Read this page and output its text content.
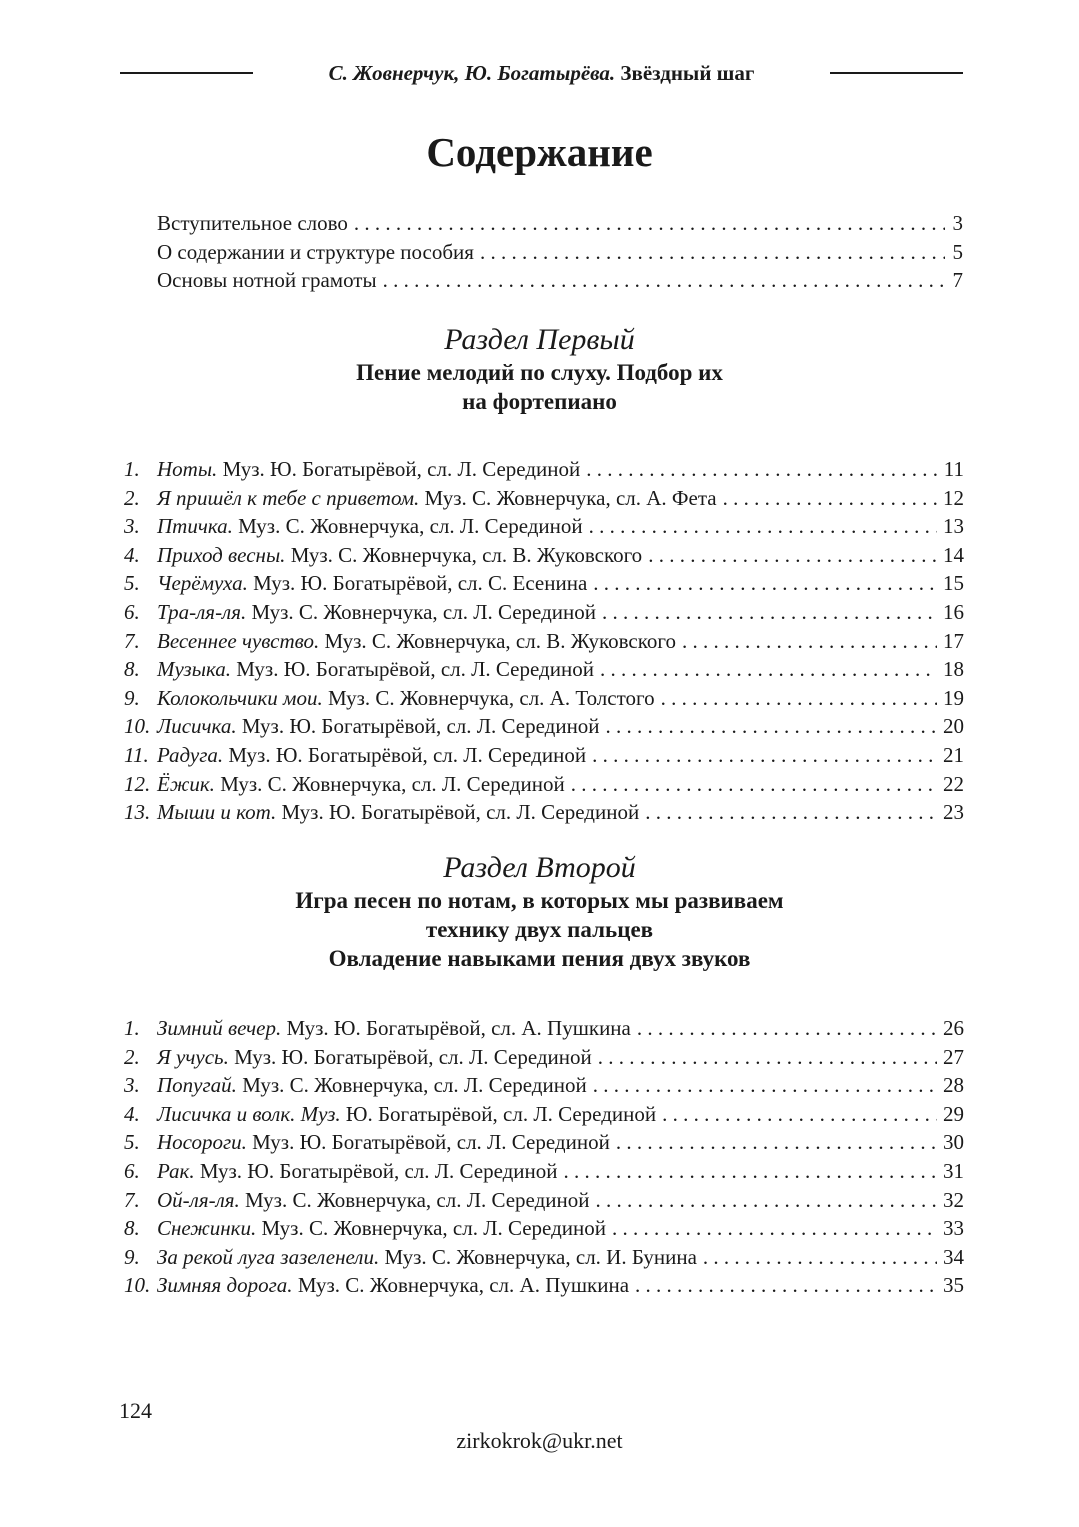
С. Жовнерчук, Ю. Богатырёва. Звёздный шаг
Содержание
Вступительное слово . . .	3
О содержании и структуре пособия . . .	5
Основы нотной грамоты . . .	7
Раздел Первый
Пение мелодий по слуху. Подбор их
на фортепиано
1. Ноты. Муз. Ю. Богатырёвой, сл. Л. Серединой . . .	11
2. Я пришёл к тебе с приветом. Муз. С. Жовнерчука, сл. А. Фета . . .	12
3. Птичка. Муз. С. Жовнерчука, сл. Л. Серединой . . .	13
4. Приход весны. Муз. С. Жовнерчука, сл. В. Жуковского . . .	14
5. Черёмуха. Муз. Ю. Богатырёвой, сл. С. Есенина . . .	15
6. Тра-ля-ля. Муз. С. Жовнерчука, сл. Л. Серединой . . .	16
7. Весеннее чувство. Муз. С. Жовнерчука, сл. В. Жуковского . . .	17
8. Музыка. Муз. Ю. Богатырёвой, сл. Л. Серединой . . .	18
9. Колокольчики мои. Муз. С. Жовнерчука, сл. А. Толстого . . .	19
10. Лисичка. Муз. Ю. Богатырёвой, сл. Л. Серединой . . .	20
11. Радуга. Муз. Ю. Богатырёвой, сл. Л. Серединой . . .	21
12. Ёжик. Муз. С. Жовнерчука, сл. Л. Серединой . . .	22
13. Мыши и кот. Муз. Ю. Богатырёвой, сл. Л. Серединой . . .	23
Раздел Второй
Игра песен по нотам, в которых мы развиваем
технику двух пальцев
Овладение навыками пения двух звуков
1. Зимний вечер. Муз. Ю. Богатырёвой, сл. А. Пушкина . . .	26
2. Я учусь. Муз. Ю. Богатырёвой, сл. Л. Серединой . . .	27
3. Попугай. Муз. С. Жовнерчука, сл. Л. Серединой . . .	28
4. Лисичка и волк. Муз. Ю. Богатырёвой, сл. Л. Серединой . . .	29
5. Носороги. Муз. Ю. Богатырёвой, сл. Л. Серединой . . .	30
6. Рак. Муз. Ю. Богатырёвой, сл. Л. Серединой . . .	31
7. Ой-ля-ля. Муз. С. Жовнерчука, сл. Л. Серединой . . .	32
8. Снежинки. Муз. С. Жовнерчука, сл. Л. Серединой . . .	33
9. За рекой луга зазеленели. Муз. С. Жовнерчука, сл. И. Бунина . . .	34
10. Зимняя дорога. Муз. С. Жовнерчука, сл. А. Пушкина . . .	35
124
zirkokrok@ukr.net
